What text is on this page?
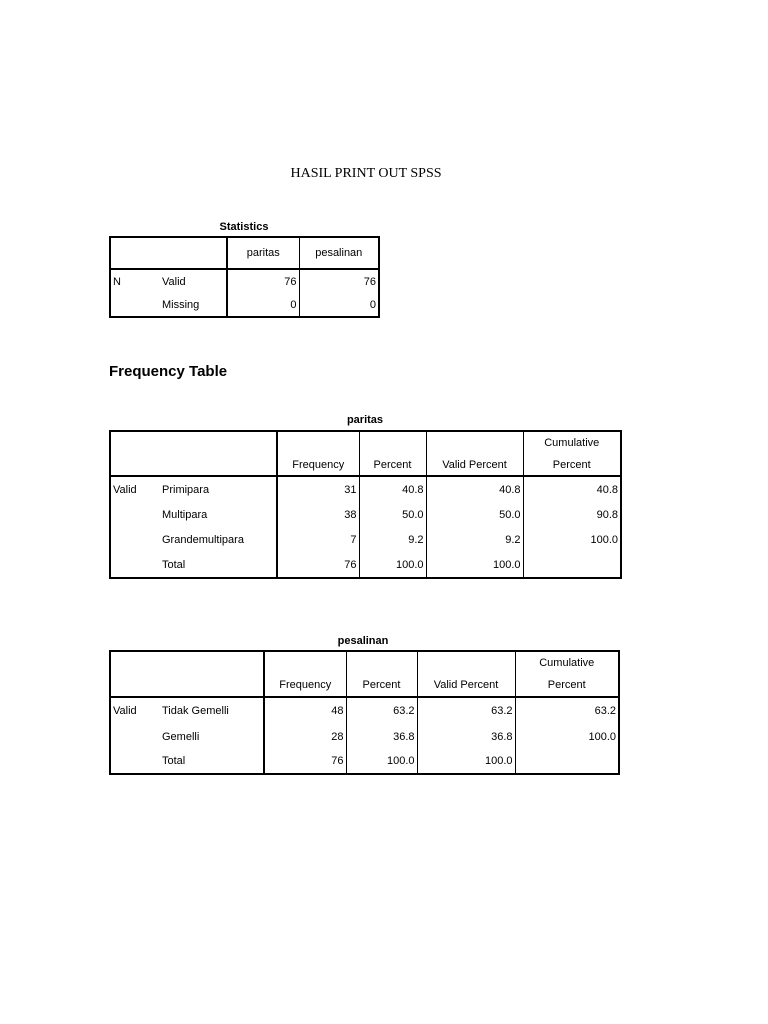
HASIL PRINT OUT SPSS
Statistics
		paritas	pesalinan
N	Valid	76	76
	Missing	0	0
Frequency Table
paritas
					Cumulative
		Frequency	Percent	Valid Percent	Percent
Valid	Primipara	31	40.8	40.8	40.8
	Multipara	38	50.0	50.0	90.8
	Grandemultipara	7	9.2	9.2	100.0
	Total	76	100.0	100.0	
pesalinan
					Cumulative
		Frequency	Percent	Valid Percent	Percent
Valid	Tidak Gemelli	48	63.2	63.2	63.2
	Gemelli	28	36.8	36.8	100.0
	Total	76	100.0	100.0	
